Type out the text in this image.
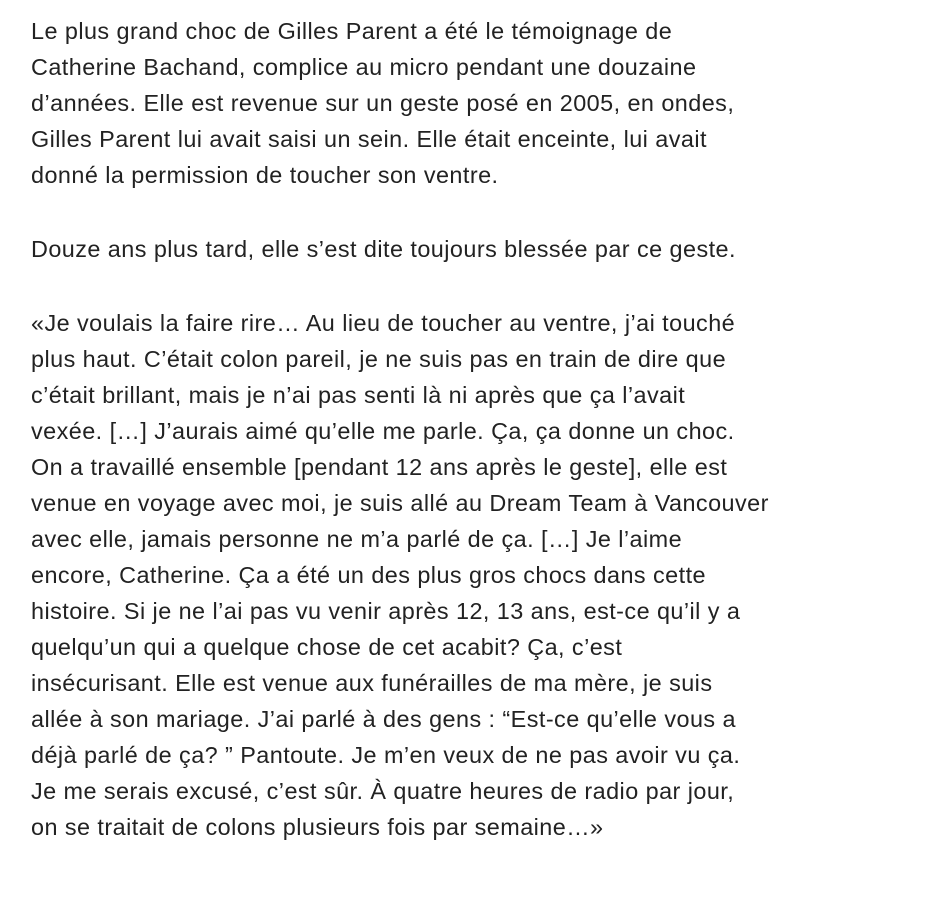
Le plus grand choc de Gilles Parent a été le témoignage de
Catherine Bachand, complice au micro pendant une douzaine
d’années. Elle est revenue sur un geste posé en 2005, en ondes,
Gilles Parent lui avait saisi un sein. Elle était enceinte, lui avait
donné la permission de toucher son ventre.

Douze ans plus tard, elle s’est dite toujours blessée par ce geste.

«Je voulais la faire rire… Au lieu de toucher au ventre, j’ai touché
plus haut. C’était colon pareil, je ne suis pas en train de dire que
c’était brillant, mais je n’ai pas senti là ni après que ça l’avait
vexée. […] J’aurais aimé qu’elle me parle. Ça, ça donne un choc.
On a travaillé ensemble [pendant 12 ans après le geste], elle est
venue en voyage avec moi, je suis allé au Dream Team à Vancouver
avec elle, jamais personne ne m’a parlé de ça. […] Je l’aime
encore, Catherine. Ça a été un des plus gros chocs dans cette
histoire. Si je ne l’ai pas vu venir après 12, 13 ans, est-ce qu’il y a
quelqu’un qui a quelque chose de cet acabit? Ça, c’est
insécurisant. Elle est venue aux funérailles de ma mère, je suis
allée à son mariage. J’ai parlé à des gens : “Est-ce qu’elle vous a
déjà parlé de ça? ” Pantoute. Je m’en veux de ne pas avoir vu ça.
Je me serais excusé, c’est sûr. À quatre heures de radio par jour,
on se traitait de colons plusieurs fois par semaine…»
